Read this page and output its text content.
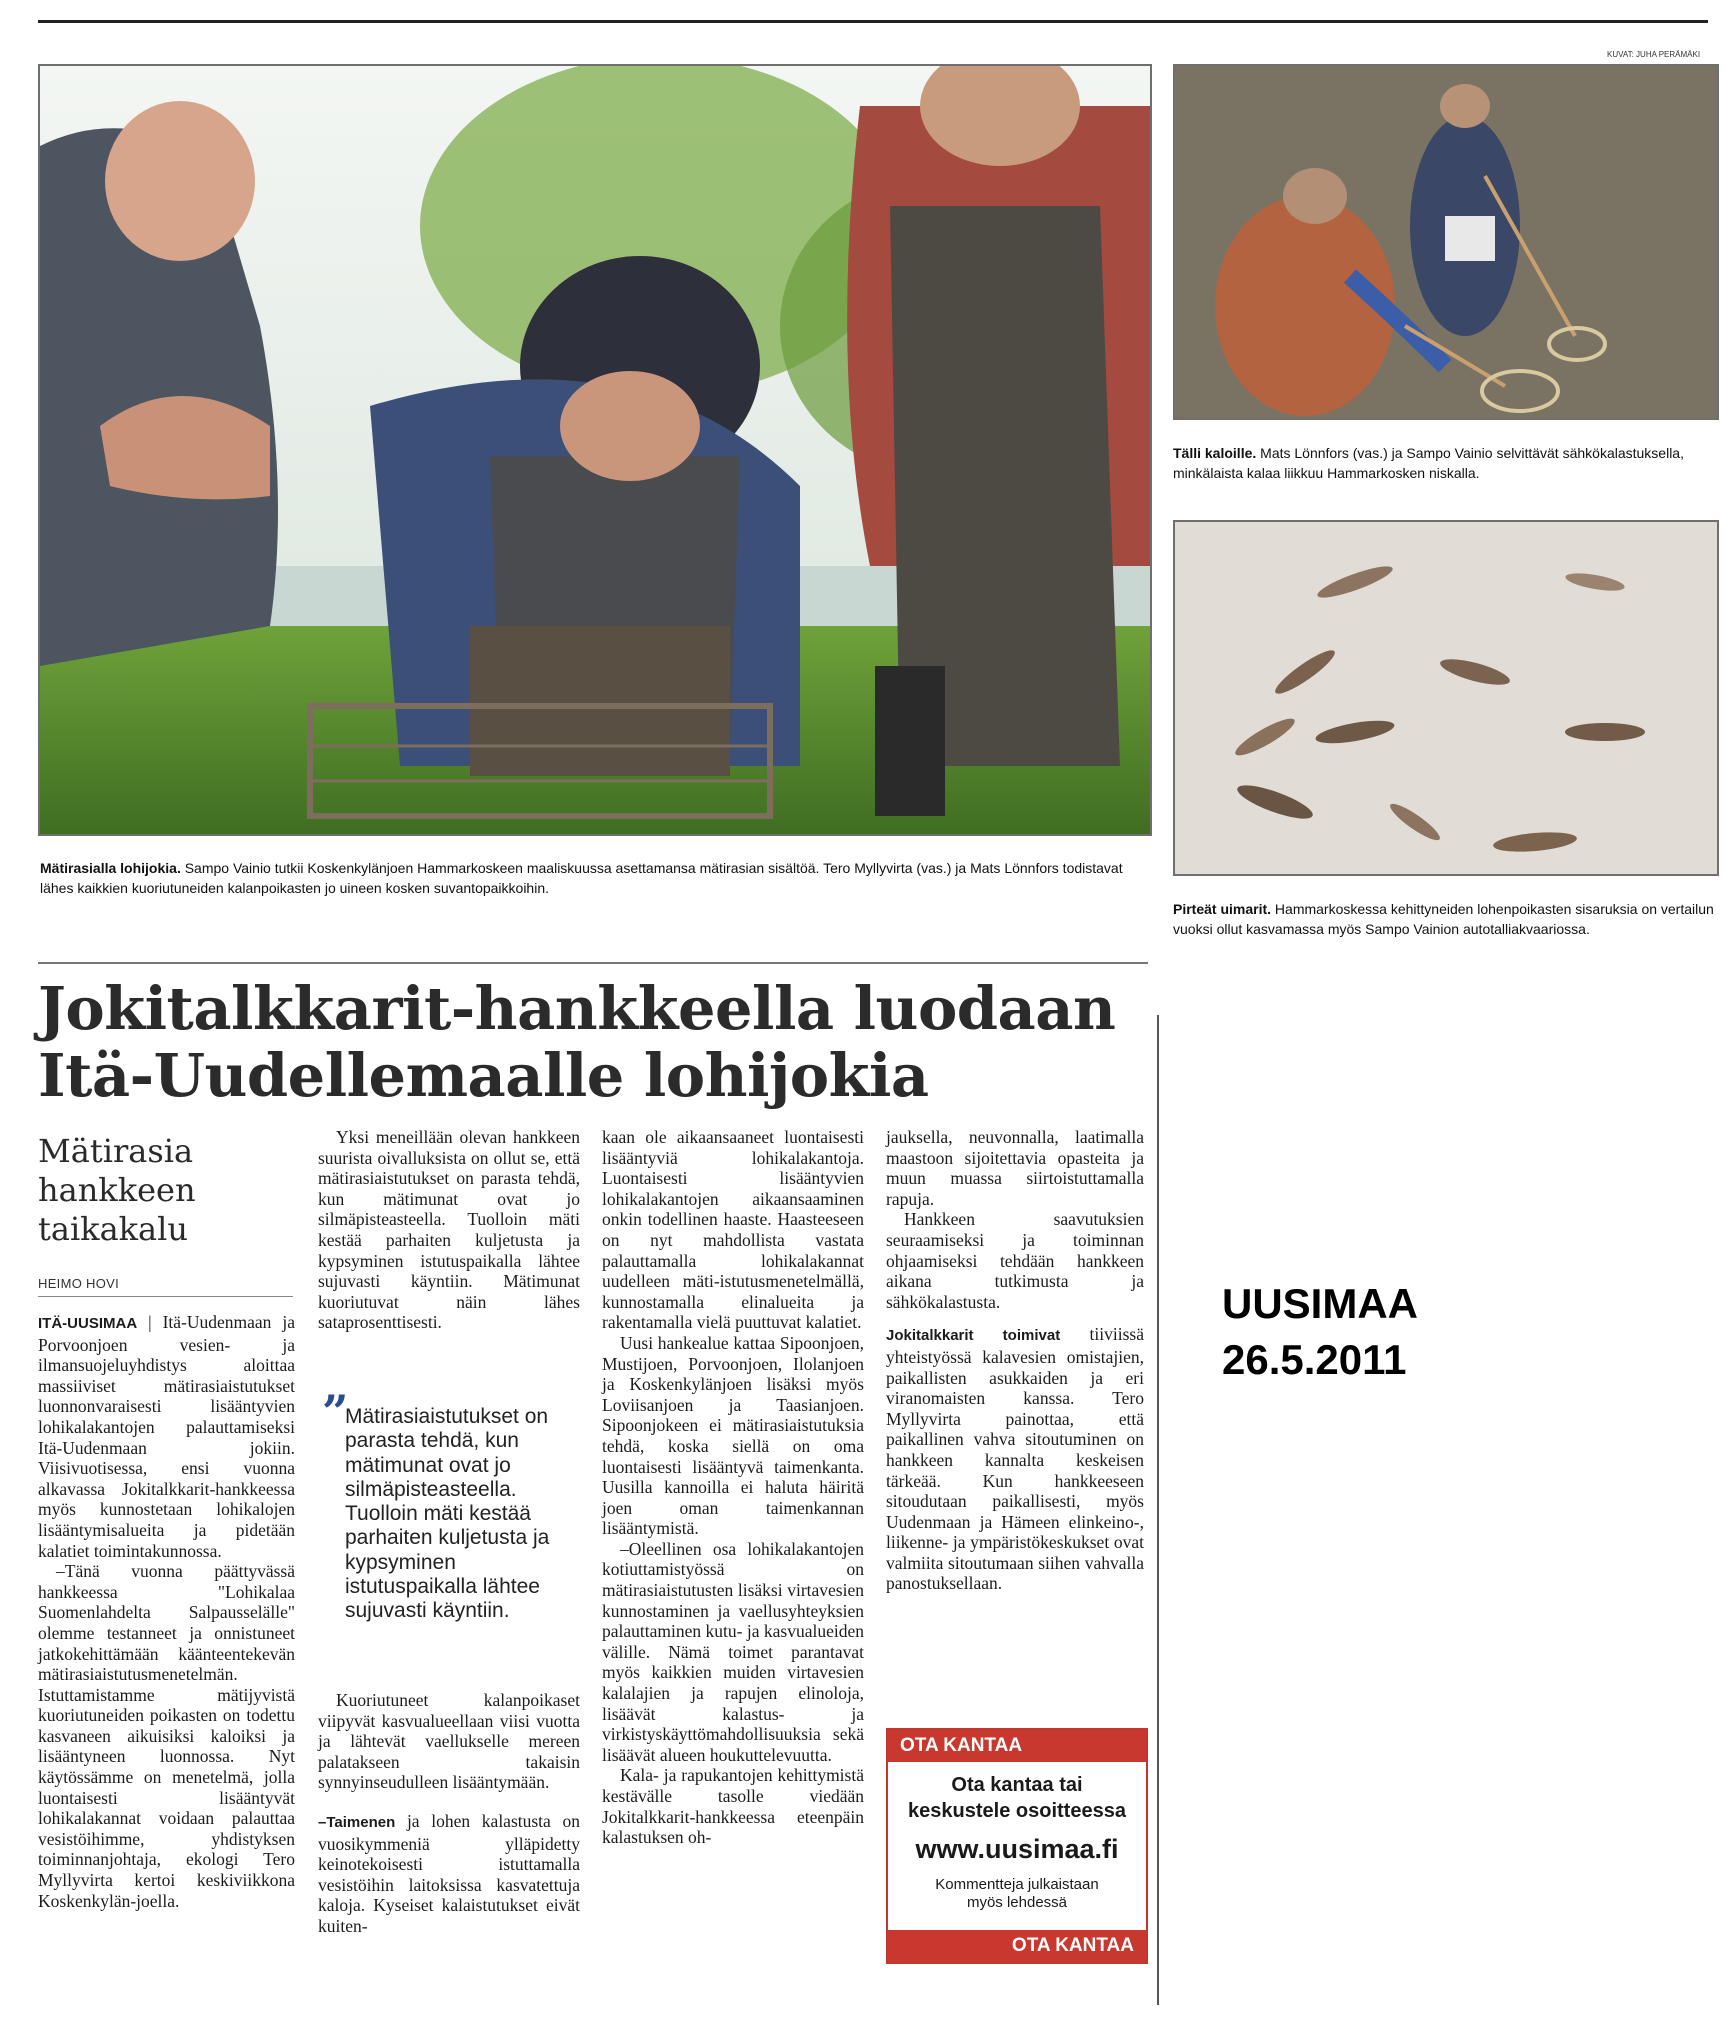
KUVAT: JUHA PERÄMÄKI
Mätirasialla lohijokia. Sampo Vainio tutkii Koskenkylänjoen Hammarkoskeen maaliskuussa asettamansa mätirasian sisältöä. Tero Myllyvirta (vas.) ja Mats Lönnfors todistavat lähes kaikkien kuoriutuneiden kalanpoikasten jo uineen kosken suvantopaikkoihin.
Tälli kaloille. Mats Lönnfors (vas.) ja Sampo Vainio selvittävät sähkökalastuksella, minkälaista kalaa liikkuu Hammarkosken niskalla.
Pirteät uimarit. Hammarkoskessa kehittyneiden lohenpoikasten sisaruksia on vertailun vuoksi ollut kasvamassa myös Sampo Vainion autotalliakvaariossa.
Jokitalkkarit-hankkeella luodaan
Itä-Uudellemaalle lohijokia
Mätirasia
hankkeen
taikakalu
HEIMO HOVI

ITÄ-UUSIMAA | Itä-Uudenmaan ja Porvoonjoen vesien- ja ilmansuojeluyhdistys aloittaa massiiviset mätirasiaistutukset luonnonvaraisesti lisääntyvien lohikalakantojen palauttamiseksi Itä-Uudenmaan jokiin. Viisivuotisessa, ensi vuonna alkavassa Jokitalkkarit-hankkeessa myös kunnostetaan lohikalojen lisääntymisalueita ja pidetään kalatiet toimintakunnossa.

–Tänä vuonna päättyvässä hankkeessa "Lohikalaa Suomenlahdelta Salpausselälle" olemme testanneet ja onnistuneet jatkokehittämään käänteentekevän mätirasiaistutusmenetelmän. Istuttamistamme mätijyvistä kuoriutuneiden poikasten on todettu kasvaneen aikuisiksi kaloiksi ja lisääntyneen luonnossa. Nyt käytössämme on menetelmä, jolla luontaisesti lisääntyvät lohikalakannat voidaan palauttaa vesistöihimme, yhdistyksen toiminnanjohtaja, ekologi Tero Myllyvirta kertoi keskiviikkona Koskenkylän-joella.

Yksi meneillään olevan hankkeen suurista oivalluksista on ollut se, että mätirasiaistutukset on parasta tehdä, kun mätimunat ovat jo silmäpisteasteella. Tuolloin mäti kestää parhaiten kuljetusta ja kypsyminen istutuspaikalla lähtee sujuvasti käyntiin. Mätimunat kuoriutuvat näin lähes sataprosenttisesti.

”
Mätirasiaistutukset on parasta tehdä, kun mätimunat ovat jo silmäpisteasteella. Tuolloin mäti kestää parhaiten kuljetusta ja kypsyminen istutuspaikalla lähtee sujuvasti käyntiin.

Kuoriutuneet kalanpoikaset viipyvät kasvualueellaan viisi vuotta ja lähtevät vaellukselle mereen palatakseen takaisin synnyinseudulleen lisääntymään.

–Taimenen ja lohen kalastusta on vuosikymmeniä ylläpidetty keinotekoisesti istuttamalla vesistöihin laitoksissa kasvatettuja kaloja. Kyseiset kalaistutukset eivät kuiten-

kaan ole aikaansaaneet luontaisesti lisääntyviä lohikalakantoja. Luontaisesti lisääntyvien lohikalakantojen aikaansaaminen onkin todellinen haaste. Haasteeseen on nyt mahdollista vastata palauttamalla lohikalakannat uudelleen mäti-istutusmenetelmällä, kunnostamalla elinalueita ja rakentamalla vielä puuttuvat kalatiet.

Uusi hankealue kattaa Sipoonjoen, Mustijoen, Porvoonjoen, Ilolanjoen ja Koskenkylänjoen lisäksi myös Loviisanjoen ja Taasianjoen. Sipoonjokeen ei mätirasiaistutuksia tehdä, koska siellä on oma luontaisesti lisääntyvä taimenkanta. Uusilla kannoilla ei haluta häiritä joen oman taimenkannan lisääntymistä.

–Oleellinen osa lohikalakantojen kotiuttamistyössä on mätirasiaistutusten lisäksi virtavesien kunnostaminen ja vaellusyhteyksien palauttaminen kutu- ja kasvualueiden välille. Nämä toimet parantavat myös kaikkien muiden virtavesien kalalajien ja rapujen elinoloja, lisäävät kalastus- ja virkistyskäyttömahdollisuuksia sekä lisäävät alueen houkuttelevuutta.

Kala- ja rapukantojen kehittymistä kestävälle tasolle viedään Jokitalkkarit-hankkeessa eteenpäin kalastuksen oh-

jauksella, neuvonnalla, laatimalla maastoon sijoitettavia opasteita ja muun muassa siirtoistuttamalla rapuja.

Hankkeen saavutuksien seuraamiseksi ja toiminnan ohjaamiseksi tehdään hankkeen aikana tutkimusta ja sähkökalastusta.

Jokitalkkarit toimivat tiiviissä yhteistyössä kalavesien omistajien, paikallisten asukkaiden ja eri viranomaisten kanssa. Tero Myllyvirta painottaa, että paikallinen vahva sitoutuminen on hankkeen kannalta keskeisen tärkeää. Kun hankkeeseen sitoudutaan paikallisesti, myös Uudenmaan ja Hämeen elinkeino-, liikenne- ja ympäristökeskukset ovat valmiita sitoutumaan siihen vahvalla panostuksellaan.

OTA KANTAA
Ota kantaa tai
keskustele osoitteessa
www.uusimaa.fi
Kommentteja julkaistaan
myös lehdessä
OTA KANTAA
UUSIMAA
26.5.2011
